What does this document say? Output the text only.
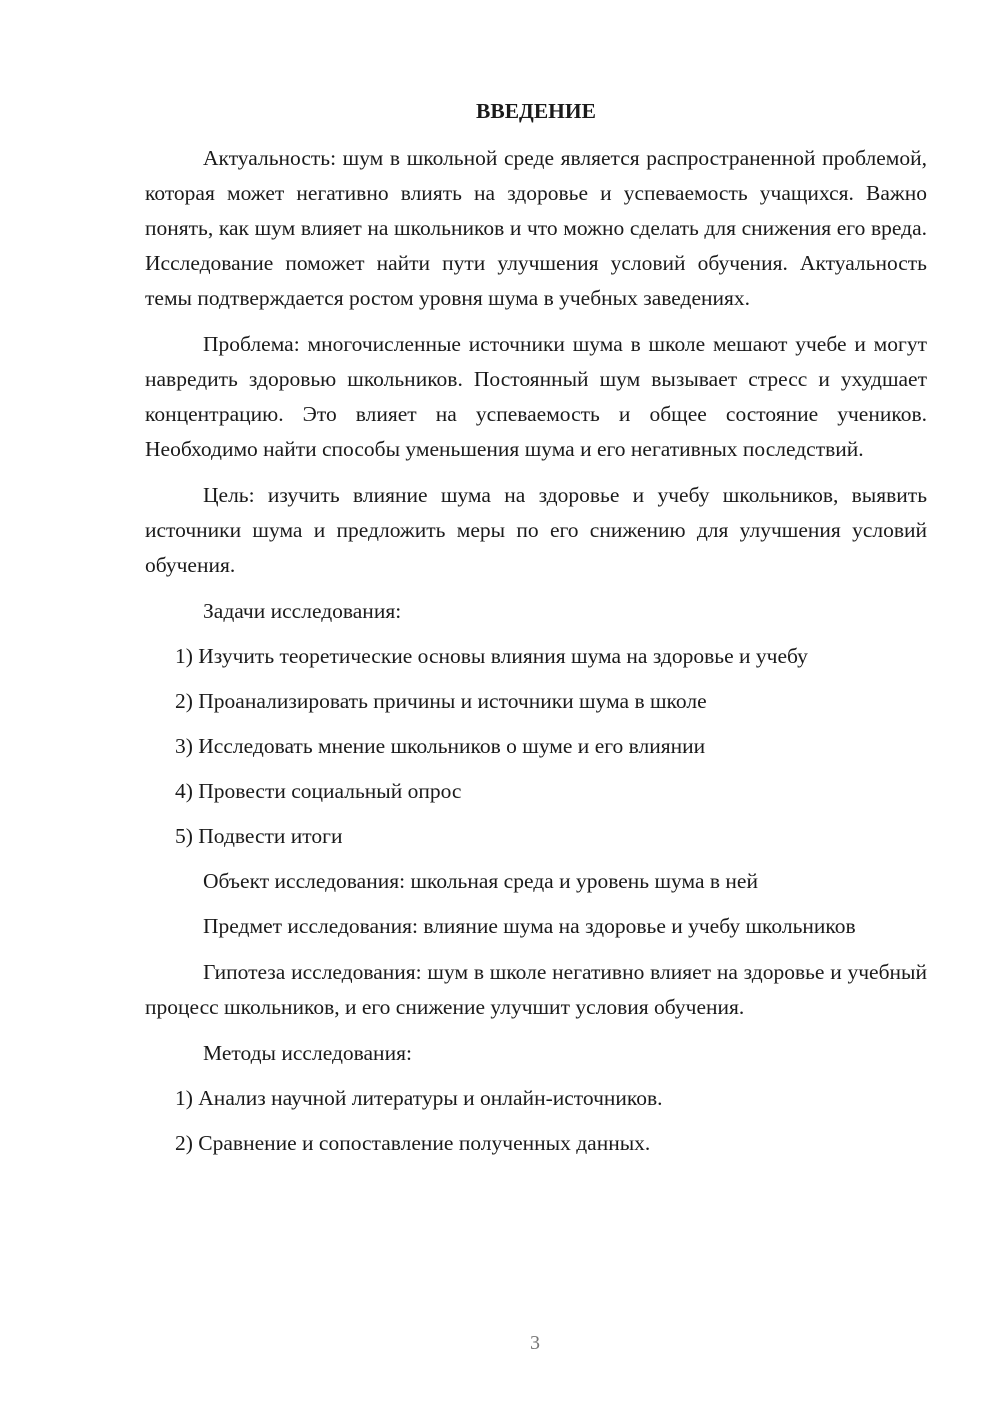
ВВЕДЕНИЕ

Актуальность: шум в школьной среде является распространенной проблемой, которая может негативно влиять на здоровье и успеваемость учащихся. Важно понять, как шум влияет на школьников и что можно сделать для снижения его вреда. Исследование поможет найти пути улучшения условий обучения. Актуальность темы подтверждается ростом уровня шума в учебных заведениях.

Проблема: многочисленные источники шума в школе мешают учебе и могут навредить здоровью школьников. Постоянный шум вызывает стресс и ухудшает концентрацию. Это влияет на успеваемость и общее состояние учеников. Необходимо найти способы уменьшения шума и его негативных последствий.

Цель: изучить влияние шума на здоровье и учебу школьников, выявить источники шума и предложить меры по его снижению для улучшения условий обучения.

Задачи исследования:
1) Изучить теоретические основы влияния шума на здоровье и учебу
2) Проанализировать причины и источники шума в школе
3) Исследовать мнение школьников о шуме и его влиянии
4) Провести социальный опрос
5) Подвести итоги
Объект исследования: школьная среда и уровень шума в ней

Предмет исследования: влияние шума на здоровье и учебу школьников

Гипотеза исследования: шум в школе негативно влияет на здоровье и учебный процесс школьников, и его снижение улучшит условия обучения.

Методы исследования:
1) Анализ научной литературы и онлайн-источников.
2) Сравнение и сопоставление полученных данных.
3
